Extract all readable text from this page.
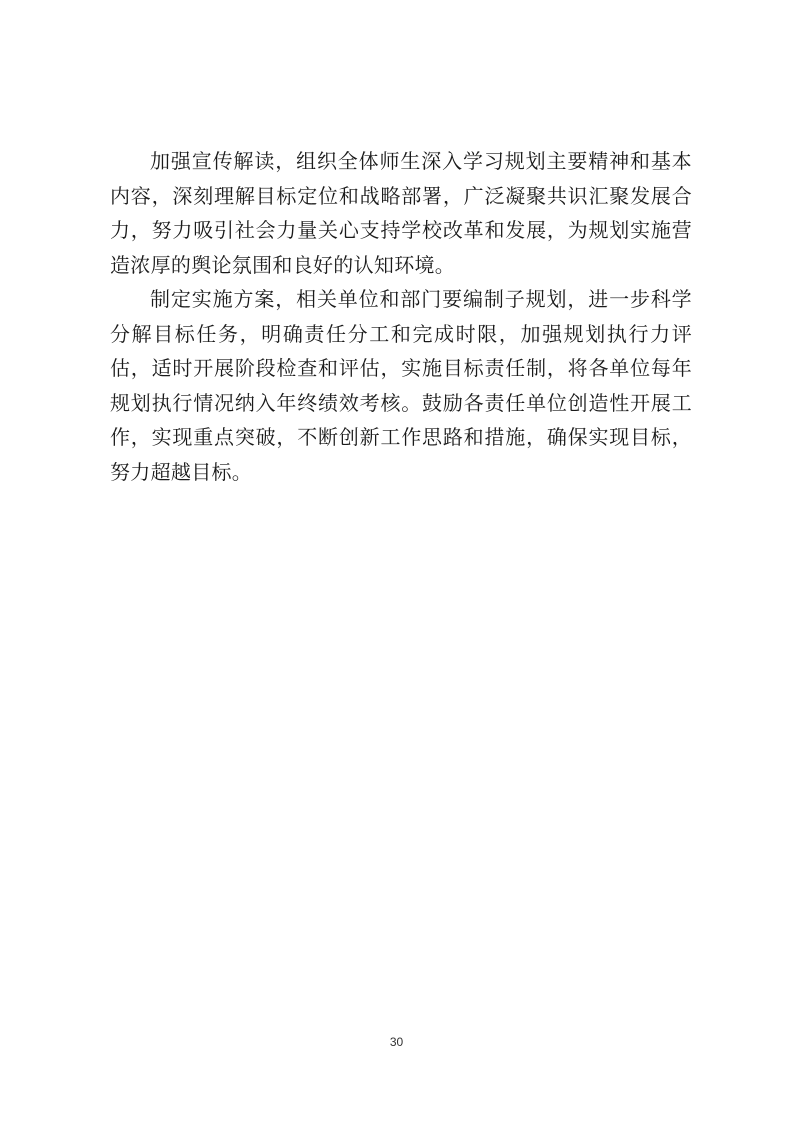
加强宣传解读，组织全体师生深入学习规划主要精神和基本内容，深刻理解目标定位和战略部署，广泛凝聚共识汇聚发展合力，努力吸引社会力量关心支持学校改革和发展，为规划实施营造浓厚的舆论氛围和良好的认知环境。

制定实施方案，相关单位和部门要编制子规划，进一步科学分解目标任务，明确责任分工和完成时限，加强规划执行力评估，适时开展阶段检查和评估，实施目标责任制，将各单位每年规划执行情况纳入年终绩效考核。鼓励各责任单位创造性开展工作，实现重点突破，不断创新工作思路和措施，确保实现目标，努力超越目标。

30
